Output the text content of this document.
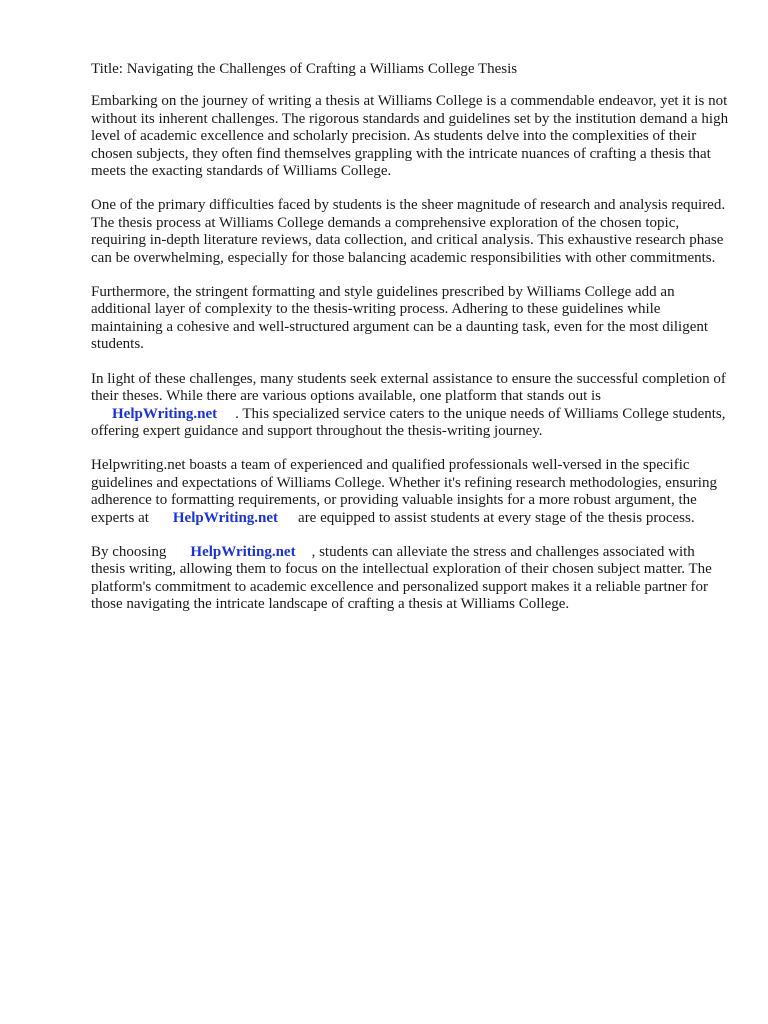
Title: Navigating the Challenges of Crafting a Williams College Thesis

Embarking on the journey of writing a thesis at Williams College is a commendable endeavor, yet it is not without its inherent challenges. The rigorous standards and guidelines set by the institution demand a high level of academic excellence and scholarly precision. As students delve into the complexities of their chosen subjects, they often find themselves grappling with the intricate nuances of crafting a thesis that meets the exacting standards of Williams College.

One of the primary difficulties faced by students is the sheer magnitude of research and analysis required. The thesis process at Williams College demands a comprehensive exploration of the chosen topic, requiring in-depth literature reviews, data collection, and critical analysis. This exhaustive research phase can be overwhelming, especially for those balancing academic responsibilities with other commitments.

Furthermore, the stringent formatting and style guidelines prescribed by Williams College add an additional layer of complexity to the thesis-writing process. Adhering to these guidelines while maintaining a cohesive and well-structured argument can be a daunting task, even for the most diligent students.

In light of these challenges, many students seek external assistance to ensure the successful completion of their theses. While there are various options available, one platform that stands out is
HelpWriting.net . This specialized service caters to the unique needs of Williams College students, offering expert guidance and support throughout the thesis-writing journey.

Helpwriting.net boasts a team of experienced and qualified professionals well-versed in the specific guidelines and expectations of Williams College. Whether it's refining research methodologies, ensuring adherence to formatting requirements, or providing valuable insights for a more robust argument, the experts at HelpWriting.net are equipped to assist students at every stage of the thesis process.

By choosing HelpWriting.net , students can alleviate the stress and challenges associated with thesis writing, allowing them to focus on the intellectual exploration of their chosen subject matter. The platform's commitment to academic excellence and personalized support makes it a reliable partner for those navigating the intricate landscape of crafting a thesis at Williams College.
